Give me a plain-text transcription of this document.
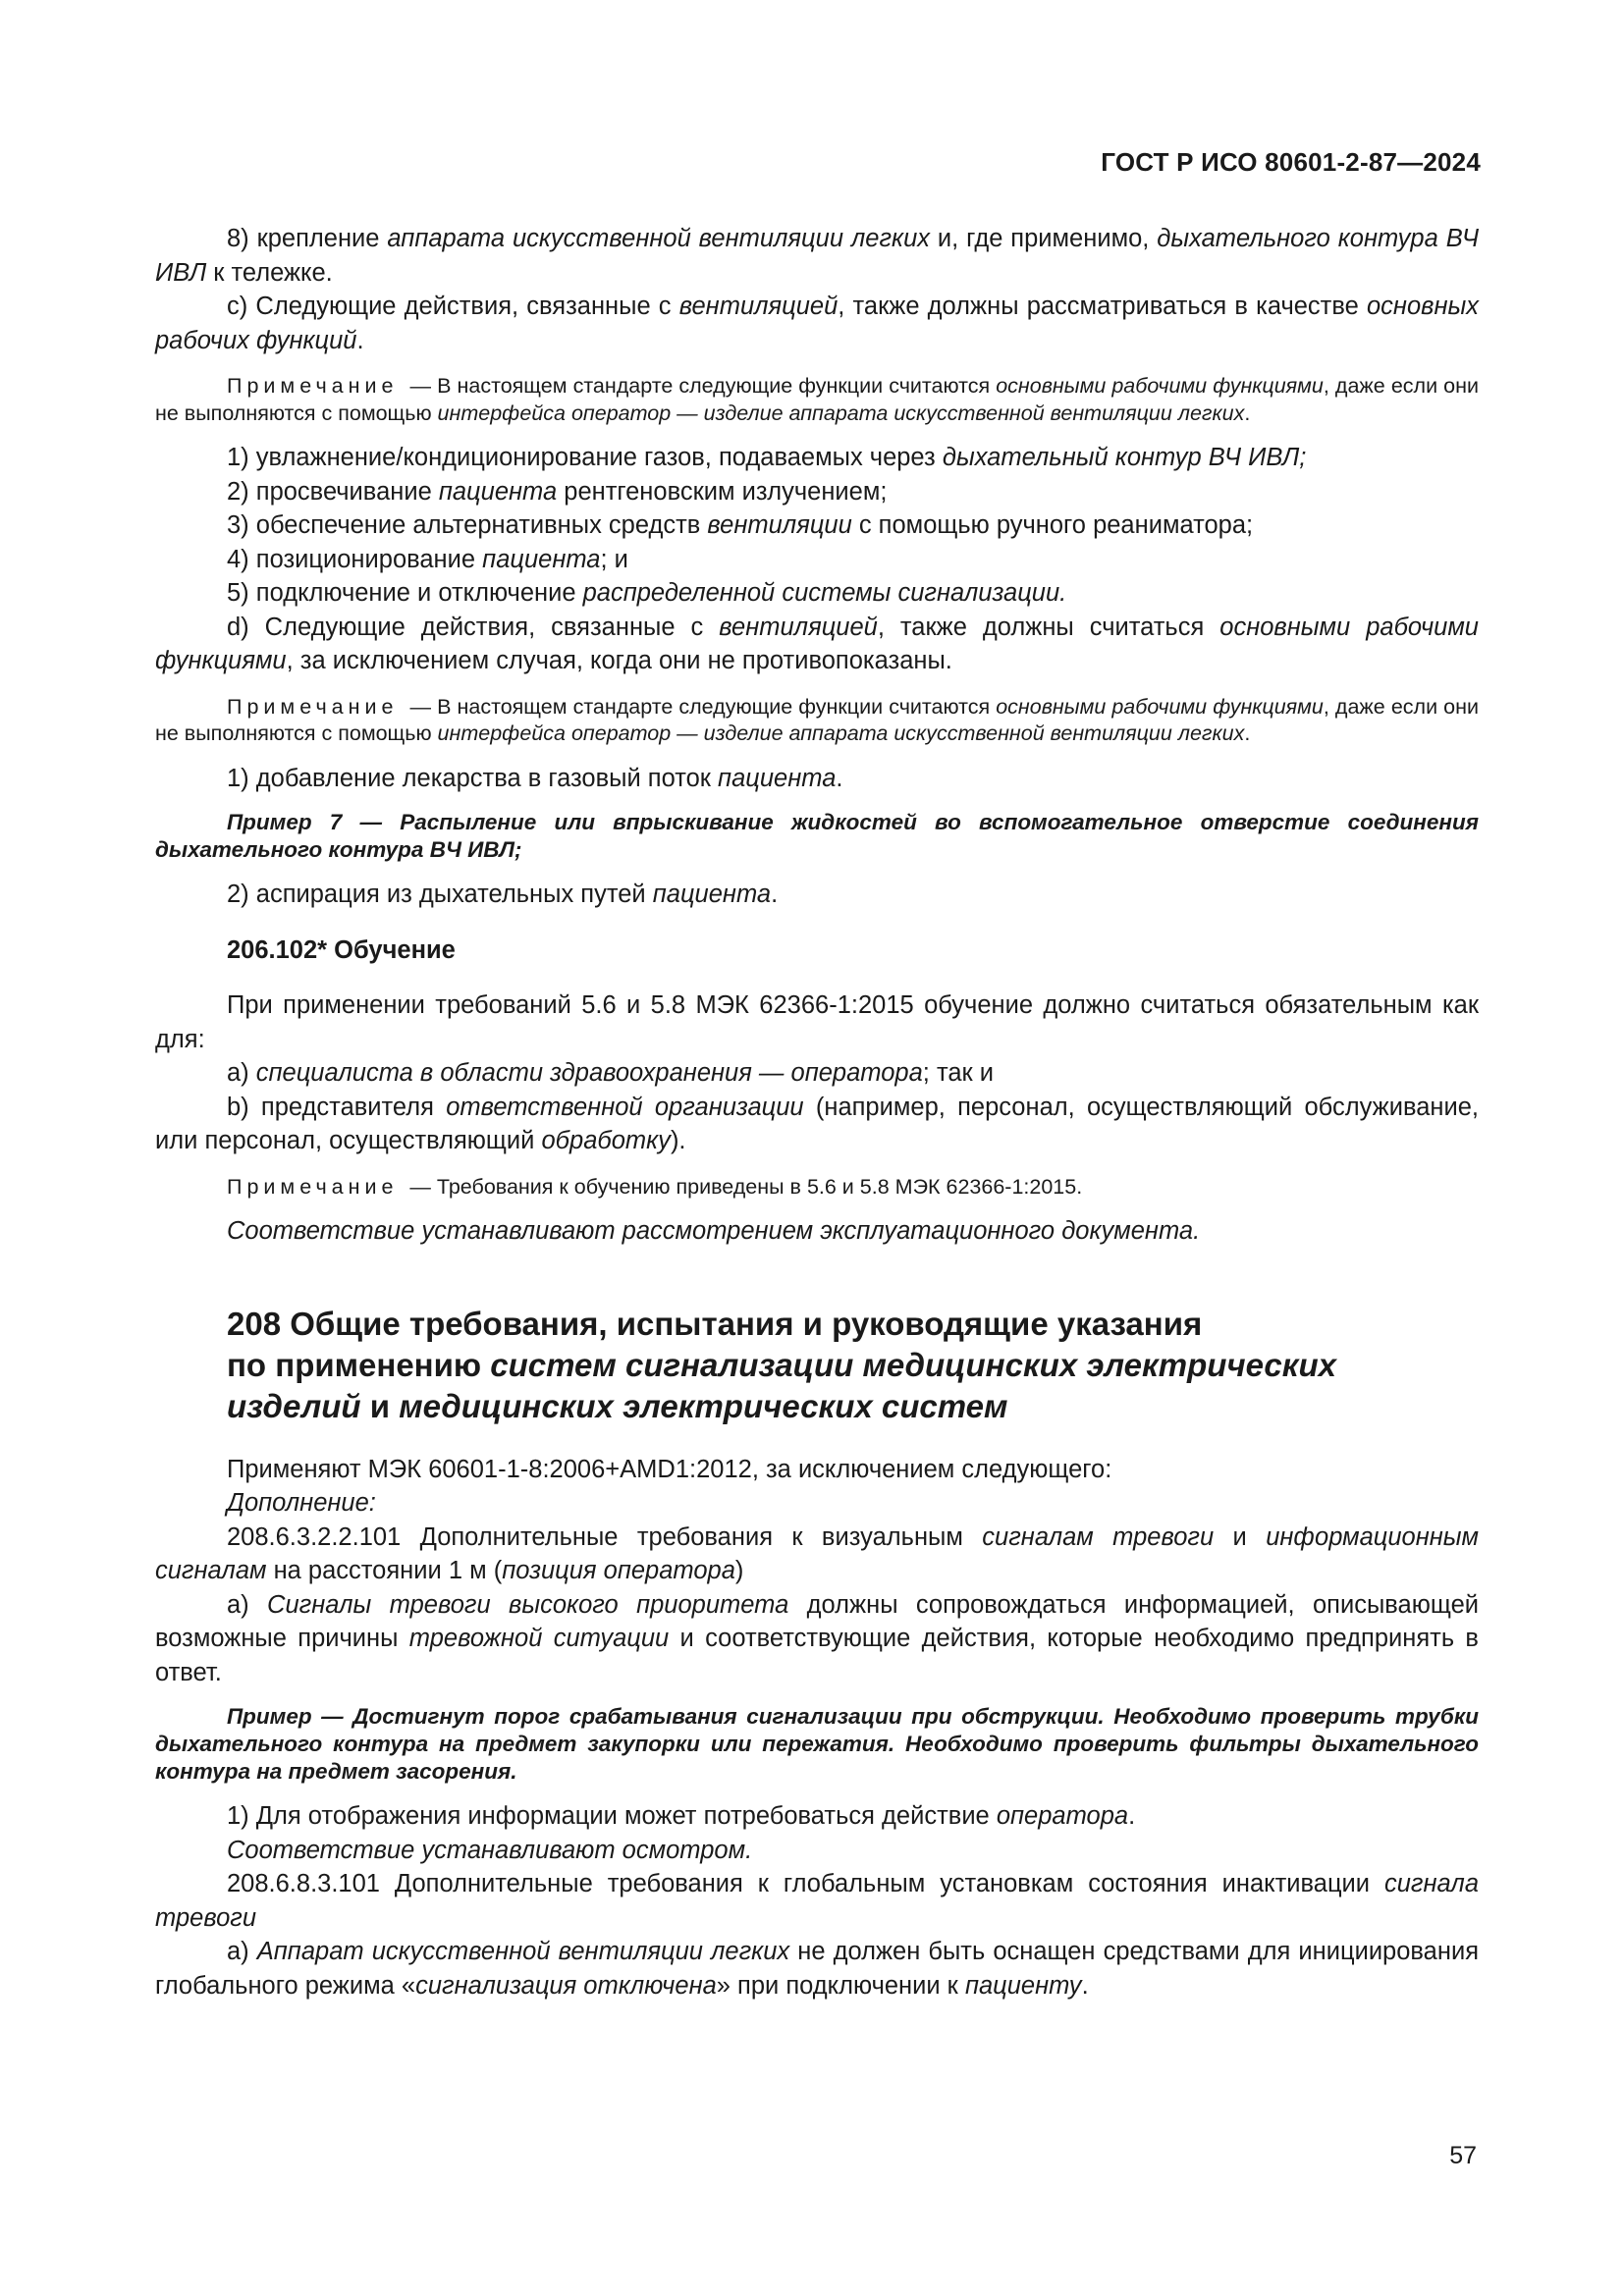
ГОСТ Р ИСО 80601-2-87—2024

8) крепление аппарата искусственной вентиляции легких и, где применимо, дыхательного контура ВЧ ИВЛ к тележке.

c) Следующие действия, связанные с вентиляцией, также должны рассматриваться в качестве основных рабочих функций.

Примечание — В настоящем стандарте следующие функции считаются основными рабочими функциями, даже если они не выполняются с помощью интерфейса оператор — изделие аппарата искусственной вентиляции легких.

1) увлажнение/кондиционирование газов, подаваемых через дыхательный контур ВЧ ИВЛ;

2) просвечивание пациента рентгеновским излучением;

3) обеспечение альтернативных средств вентиляции с помощью ручного реаниматора;

4) позиционирование пациента; и

5) подключение и отключение распределенной системы сигнализации.

d) Следующие действия, связанные с вентиляцией, также должны считаться основными рабочими функциями, за исключением случая, когда они не противопоказаны.

Примечание — В настоящем стандарте следующие функции считаются основными рабочими функциями, даже если они не выполняются с помощью интерфейса оператор — изделие аппарата искусственной вентиляции легких.

1) добавление лекарства в газовый поток пациента.

Пример 7 — Распыление или впрыскивание жидкостей во вспомогательное отверстие соединения дыхательного контура ВЧ ИВЛ;

2) аспирация из дыхательных путей пациента.

206.102* Обучение

При применении требований 5.6 и 5.8 МЭК 62366-1:2015 обучение должно считаться обязательным как для:

a) специалиста в области здравоохранения — оператора; так и

b) представителя ответственной организации (например, персонал, осуществляющий обслуживание, или персонал, осуществляющий обработку).

Примечание — Требования к обучению приведены в 5.6 и 5.8 МЭК 62366-1:2015.

Соответствие устанавливают рассмотрением эксплуатационного документа.

208 Общие требования, испытания и руководящие указания
по применению систем сигнализации медицинских электрических изделий и медицинских электрических систем

Применяют МЭК 60601-1-8:2006+AMD1:2012, за исключением следующего:

Дополнение:

208.6.3.2.2.101 Дополнительные требования к визуальным сигналам тревоги и информационным сигналам на расстоянии 1 м (позиция оператора)

a) Сигналы тревоги высокого приоритета должны сопровождаться информацией, описывающей возможные причины тревожной ситуации и соответствующие действия, которые необходимо предпринять в ответ.

Пример — Достигнут порог срабатывания сигнализации при обструкции. Необходимо проверить трубки дыхательного контура на предмет закупорки или пережатия. Необходимо проверить фильтры дыхательного контура на предмет засорения.

1) Для отображения информации может потребоваться действие оператора.

Соответствие устанавливают осмотром.

208.6.8.3.101 Дополнительные требования к глобальным установкам состояния инактивации сигнала тревоги

a) Аппарат искусственной вентиляции легких не должен быть оснащен средствами для инициирования глобального режима «сигнализация отключена» при подключении к пациенту.

57
